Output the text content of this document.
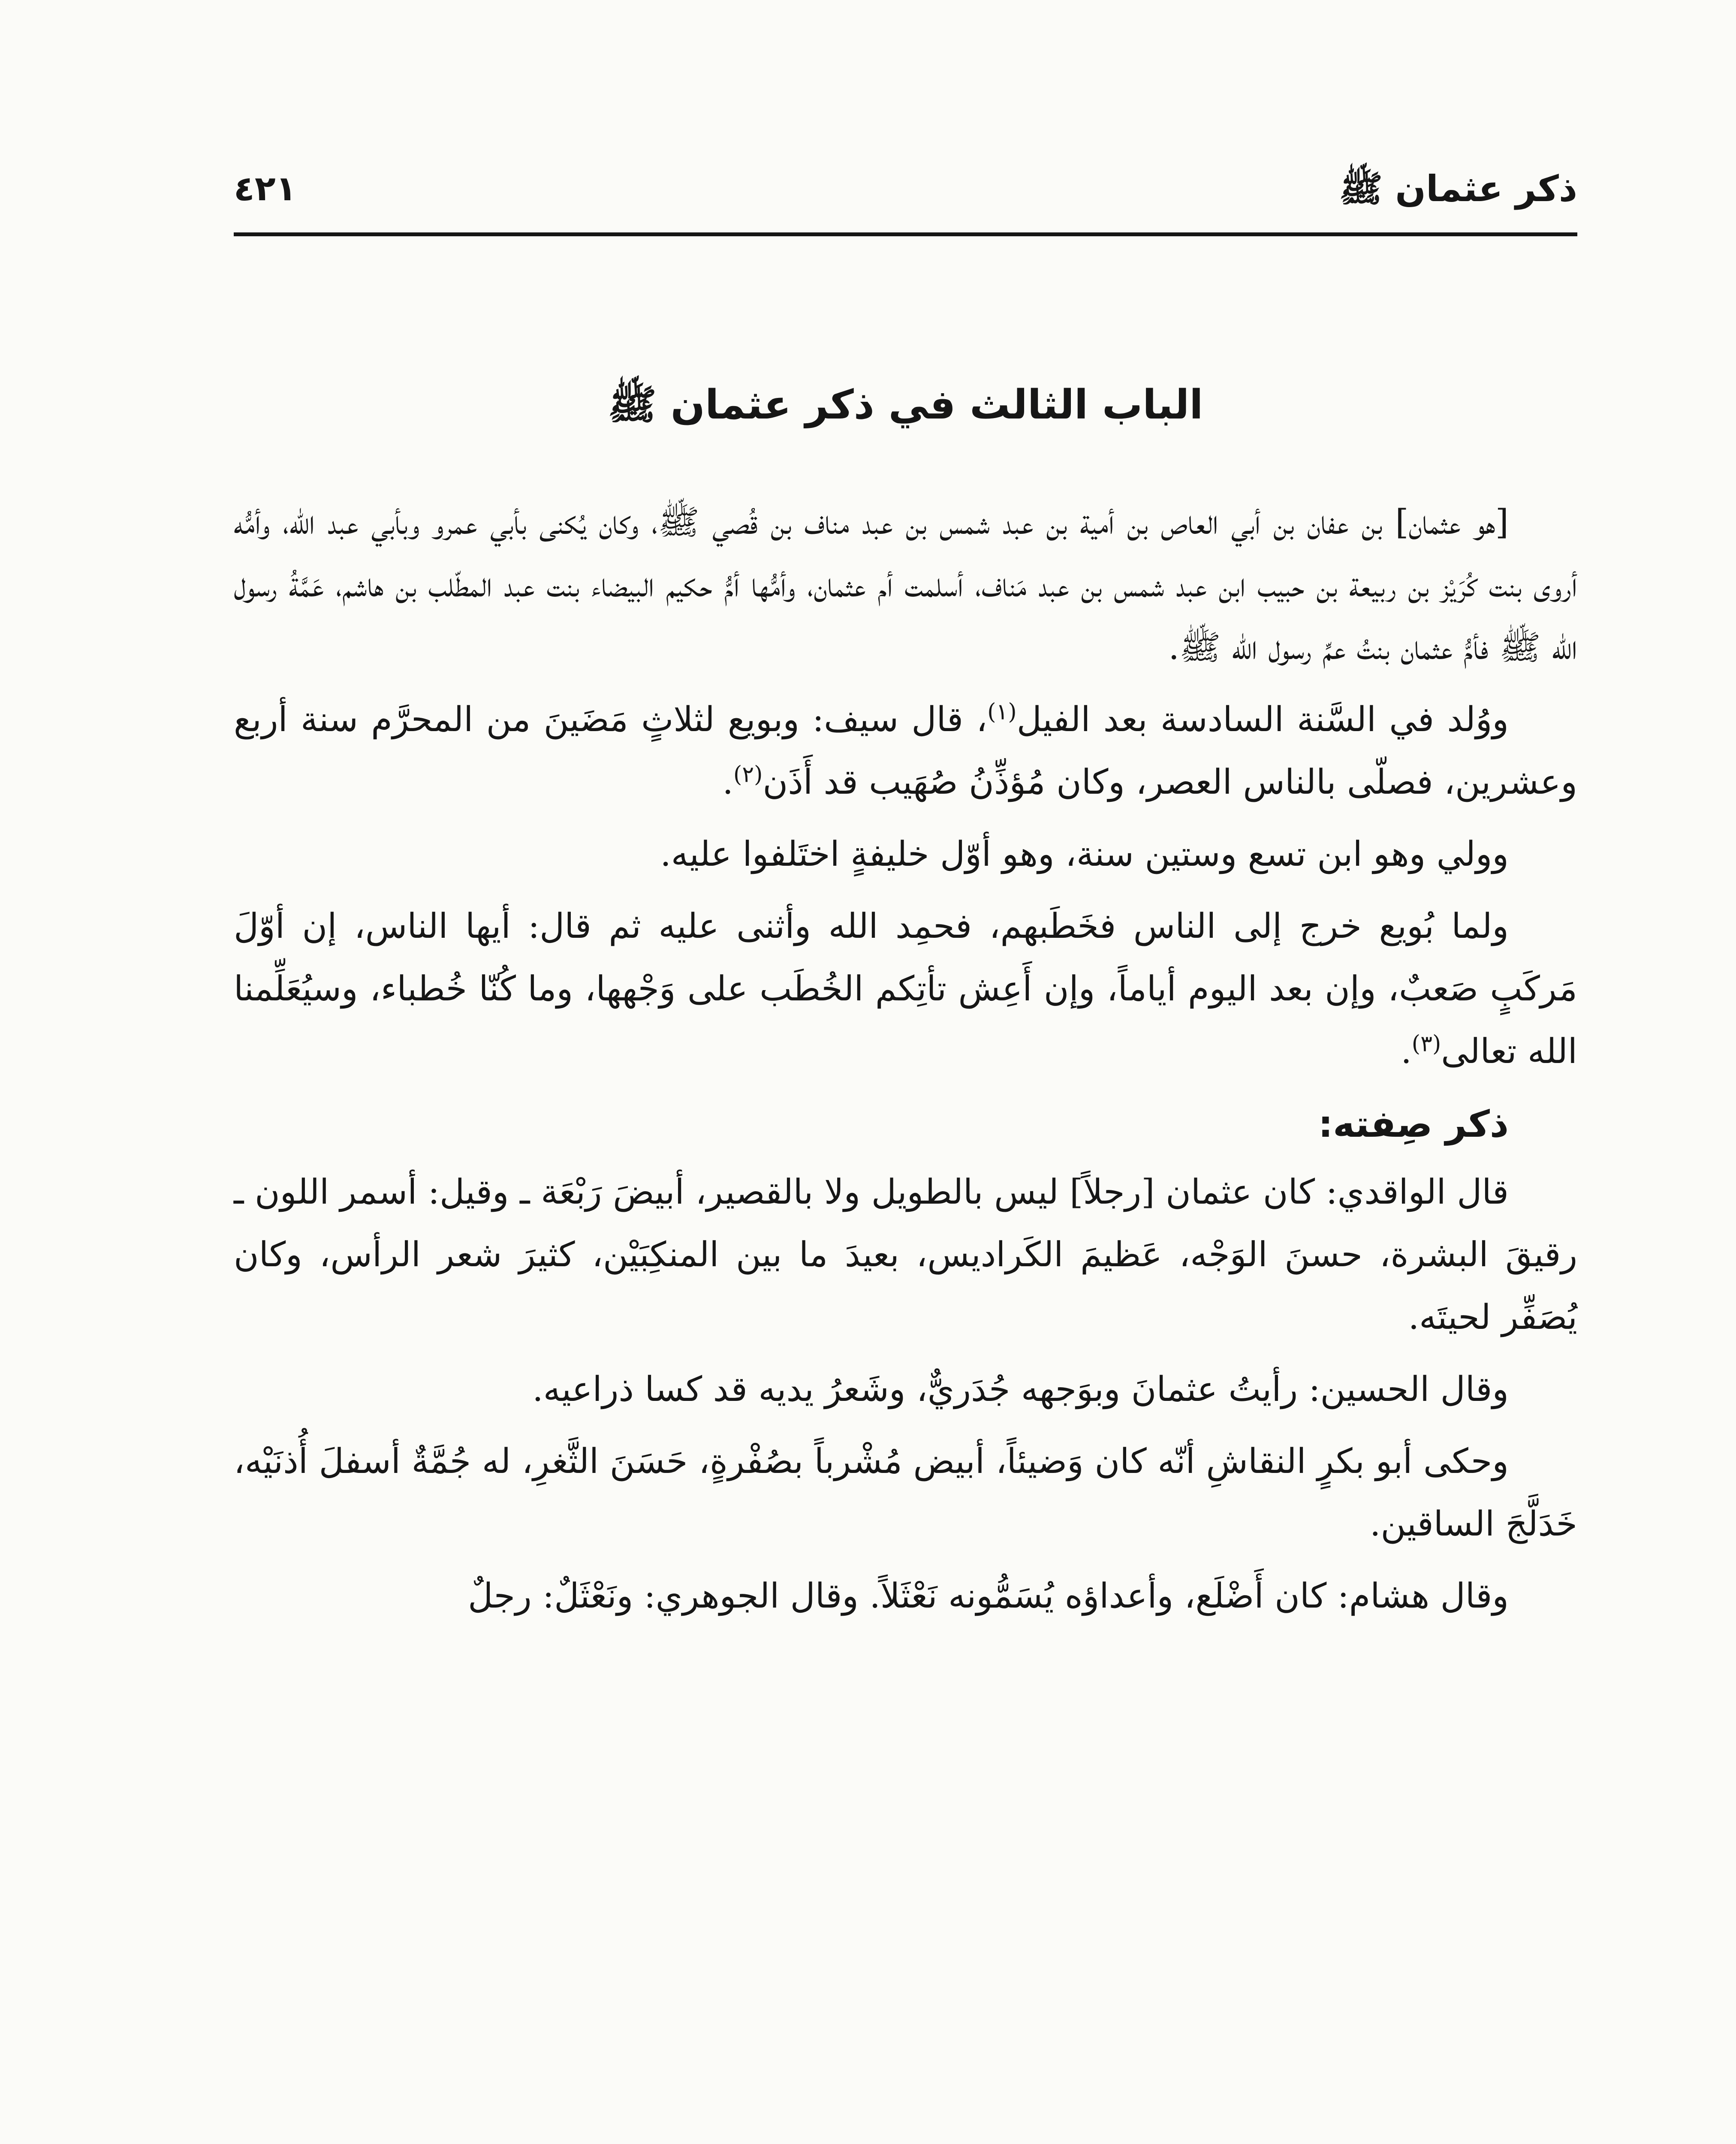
ذكر عثمان ﷺ
٤٢١
الباب الثالث في ذكر عثمان ﷺ

[هو عثمان] بن عفان بن أبي العاص بن أمية بن عبد شمس بن عبد مناف بن قُصي ﷺ، وكان يُكنى بأبي عمرو وبأبي عبد الله، وأمُّه أروى بنت كُرَيْز بن ربيعة بن حبيب ابن عبد شمس بن عبد مَناف، أسلمت أم عثمان، وأمُّها أمُّ حكيم البيضاء بنت عبد المطّلب بن هاشم، عَمَّةُ رسول الله ﷺ فأمُّ عثمان بنتُ عمِّ رسول الله ﷺ.

ووُلد في السَّنة السادسة بعد الفيل$^{(١)}$، قال سيف: وبويع لثلاثٍ مَضَينَ من المحرَّم سنة أربع وعشرين، فصلّى بالناس العصر، وكان مُؤذِّنُ صُهَيب قد أَذَن$^{(٢)}$.

وولي وهو ابن تسع وستين سنة، وهو أوّل خليفةٍ اختَلفوا عليه.

ولما بُويع خرج إلى الناس فخَطَبهم، فحمِد الله وأثنى عليه ثم قال: أيها الناس، إن أوّلَ مَركَبٍ صَعبٌ، وإن بعد اليوم أياماً، وإن أَعِش تأتِكم الخُطَب على وَجْهها، وما كُنّا خُطباء، وسيُعَلِّمنا الله تعالى$^{(٣)}$.

ذكر صِفته:

قال الواقدي: كان عثمان [رجلاً] ليس بالطويل ولا بالقصير، أبيضَ رَبْعَة ـ وقيل: أسمر اللون ـ رقيقَ البشرة، حسنَ الوَجْه، عَظيمَ الكَراديس، بعيدَ ما بين المنكِبَيْن، كثيرَ شعر الرأس، وكان يُصَفِّر لحيتَه.

وقال الحسين: رأيتُ عثمانَ وبوَجهه جُدَريٌّ، وشَعرُ يديه قد كسا ذراعيه.

وحكى أبو بكرٍ النقاشِ أنّه كان وَضيئاً، أبيض مُشْرباً بصُفْرةٍ، حَسَنَ الثَّغرِ، له جُمَّةٌ أسفلَ أُذنَيْه، خَدَلَّجَ الساقين.

وقال هشام: كان أَضْلَع، وأعداؤه يُسَمُّونه نَعْثَلاً. وقال الجوهري: ونَعْثَلٌ: رجلٌ
